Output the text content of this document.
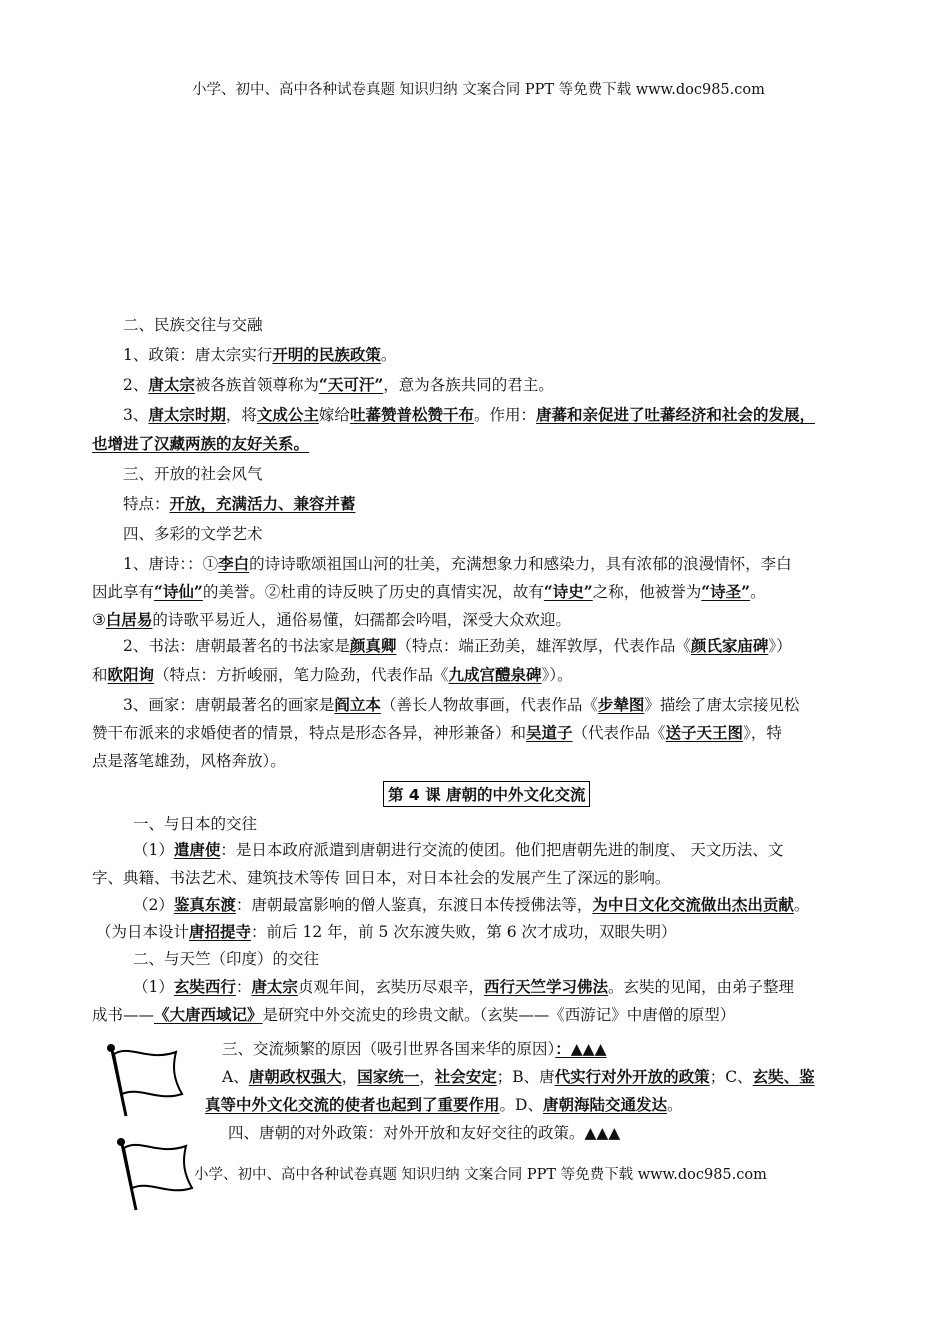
小学、初中、高中各种试卷真题 知识归纳 文案合同 PPT 等免费下载 www.doc985.com
二、民族交往与交融
1、政策：唐太宗实行开明的民族政策。
2、唐太宗被各族首领尊称为“天可汗”，意为各族共同的君主。
3、唐太宗时期，将文成公主嫁给吐蕃赞普松赞干布。作用：唐蕃和亲促进了吐蕃经济和社会的发展，
也增进了汉藏两族的友好关系。
三、开放的社会风气
特点：开放，充满活力、兼容并蓄
四、多彩的文学艺术
1、唐诗：：①李白的诗诗歌颂祖国山河的壮美，充满想象力和感染力，具有浓郁的浪漫情怀，李白
因此享有“诗仙”的美誉。②杜甫的诗反映了历史的真情实况，故有“诗史”之称，他被誉为“诗圣”。
③白居易的诗歌平易近人，通俗易懂，妇孺都会吟唱，深受大众欢迎。
2、书法：唐朝最著名的书法家是颜真卿（特点：端正劲美，雄浑敦厚，代表作品《颜氏家庙碑》）
和欧阳询（特点：方折峻丽，笔力险劲，代表作品《九成宫醴泉碑》）。
3、画家：唐朝最著名的画家是阎立本（善长人物故事画，代表作品《步辇图》描绘了唐太宗接见松
赞干布派来的求婚使者的情景，特点是形态各异，神形兼备）和吴道子（代表作品《送子天王图》，特
点是落笔雄劲，风格奔放）。
第 4 课 唐朝的中外文化交流
一、与日本的交往
（1）遣唐使：是日本政府派遣到唐朝进行交流的使团。他们把唐朝先进的制度、 天文历法、文
字、典籍、书法艺术、建筑技术等传 回日本，对日本社会的发展产生了深远的影响。
（2）鉴真东渡：唐朝最富影响的僧人鉴真，东渡日本传授佛法等，为中日文化交流做出杰出贡献。
（为日本设计唐招提寺：前后 12 年，前 5 次东渡失败，第 6 次才成功，双眼失明）
二、与天竺（印度）的交往
（1）玄奘西行：唐太宗贞观年间，玄奘历尽艰辛，西行天竺学习佛法。玄奘的见闻，由弟子整理
成书——《大唐西域记》是研究中外交流史的珍贵文献。（玄奘——《西游记》中唐僧的原型）
三、交流频繁的原因（吸引世界各国来华的原因）：▲▲▲
A、唐朝政权强大，国家统一，社会安定；B、唐代实行对外开放的政策；C、玄奘、鉴
真等中外文化交流的使者也起到了重要作用。D、唐朝海陆交通发达。
四、唐朝的对外政策：对外开放和友好交往的政策。▲▲▲
小学、初中、高中各种试卷真题 知识归纳 文案合同 PPT 等免费下载 www.doc985.com
